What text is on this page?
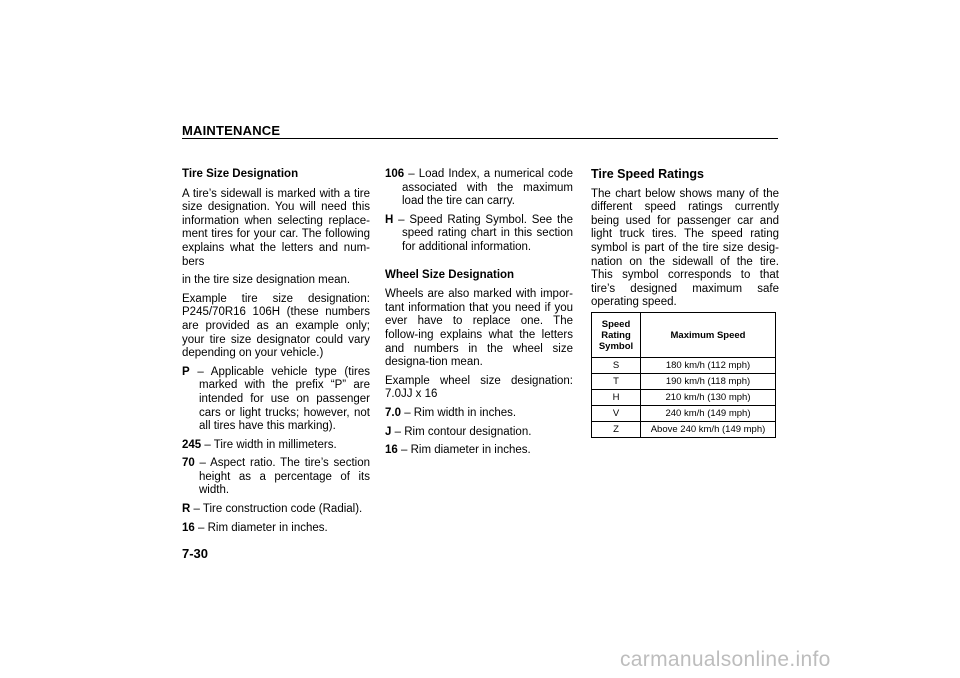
MAINTENANCE
Tire Size Designation

A tire’s sidewall is marked with a tire size designation. You will need this information when selecting replace-ment tires for your car. The following explains what the letters and num-bers

in the tire size designation mean.

Example tire size designation: P245/70R16 106H (these numbers are provided as an example only; your tire size designator could vary depending on your vehicle.)

P – Applicable vehicle type (tires marked with the prefix “P” are intended for use on passenger cars or light trucks; however, not all tires have this marking).
245 – Tire width in millimeters.
70 – Aspect ratio. The tire’s section height as a percentage of its width.
R – Tire construction code (Radial).
16 – Rim diameter in inches.
106 – Load Index, a numerical code associated with the maximum load the tire can carry.
H – Speed Rating Symbol. See the speed rating chart in this section for additional information.
Wheel Size Designation

Wheels are also marked with impor-tant information that you need if you ever have to replace one. The follow-ing explains what the letters and numbers in the wheel size designa-tion mean.

Example wheel size designation: 7.0JJ x 16

7.0 – Rim width in inches.
J – Rim contour designation.
16 – Rim diameter in inches.
Tire Speed Ratings

The chart below shows many of the different speed ratings currently being used for passenger car and light truck tires. The speed rating symbol is part of the tire size desig-nation on the sidewall of the tire. This symbol corresponds to that tire’s designed maximum safe operating speed.

Speed Rating Symbol	Maximum Speed
S	180 km/h (112 mph)
T	190 km/h (118 mph)
H	210 km/h (130 mph)
V	240 km/h (149 mph)
Z	Above 240 km/h (149 mph)
7-30
carmanualsonline.info
